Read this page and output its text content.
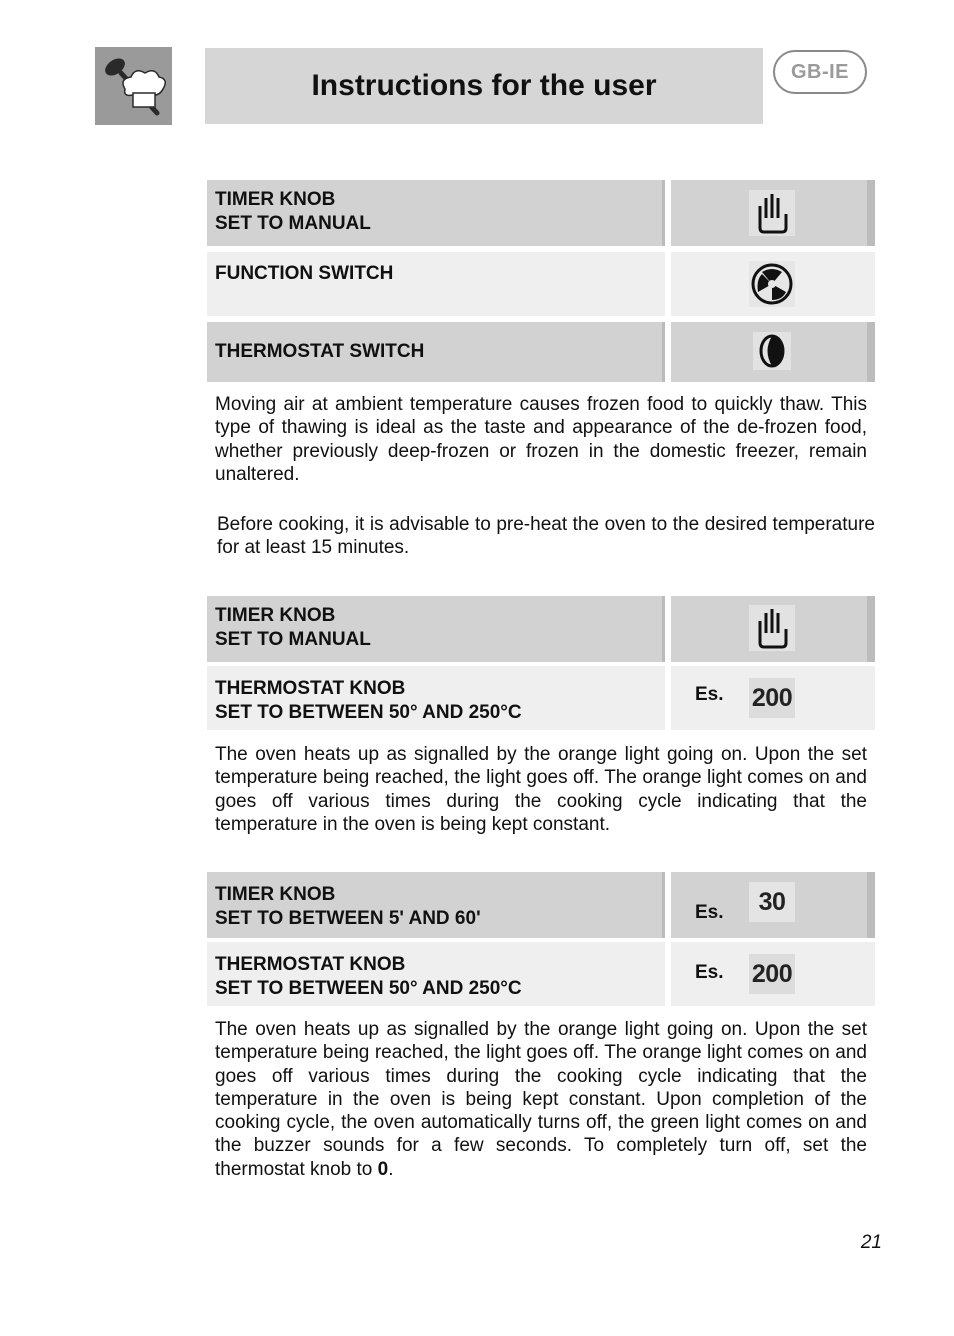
Instructions for the user	GB-IE
TIMER KNOB
SET TO MANUAL
FUNCTION SWITCH
THERMOSTAT SWITCH

Moving air at ambient temperature causes frozen food to quickly thaw. This type of thawing is ideal as the taste and appearance of the de-frozen food, whether previously deep-frozen or frozen in the domestic freezer, remain unaltered.

Before cooking, it is advisable to pre-heat the oven to the desired temperature for at least 15 minutes.

TIMER KNOB
SET TO MANUAL
THERMOSTAT KNOB
SET TO BETWEEN 50° AND 250°C
Es. 200

The oven heats up as signalled by the orange light going on. Upon the set temperature being reached, the light goes off. The orange light comes on and goes off various times during the cooking cycle indicating that the temperature in the oven is being kept constant.

TIMER KNOB
SET TO BETWEEN 5' AND 60'	Es.	30
THERMOSTAT KNOB
SET TO BETWEEN 50° AND 250°C
Es. 200

The oven heats up as signalled by the orange light going on. Upon the set temperature being reached, the light goes off. The orange light comes on and goes off various times during the cooking cycle indicating that the temperature in the oven is being kept constant. Upon completion of the cooking cycle, the oven automatically turns off, the green light comes on and the buzzer sounds for a few seconds. To completely turn off, set the thermostat knob to 0.

21
